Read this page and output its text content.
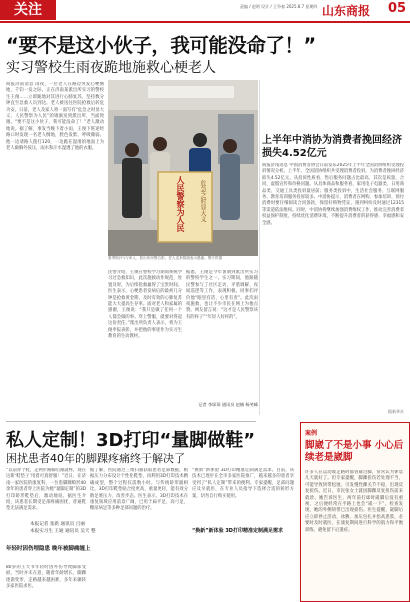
关注	责编 / 赵明 设计 / 王争春 2025.8.7 星期四 山东商报 05
“要不是这小伙子，我可能没命了！”
实习警校生雨夜跪地施救心梗老人
商报济南消息 雨夜，一位老人在路边突发心梗倒地，千钧一发之际，正在济南某派出所实习的警校生王俊……立即跪地对其进行心肺复苏，坚持数分钟直至急救人员到达。老人被送往医院抢救后转危为安。日前，老人及家人将一面写有“危急之时显大义，人民警察为人民”的锦旗送到派出所，当面致谢。“要不是这小伙子，我可能没命了！”老人激动地说。据了解，事发当晚下着小雨，王俊下班途经路口时发现一名老人倒地，脸色发紫、呼吸微弱。他一边请路人拨打120，一边跪在湿滑的地面上为老人做胸外按压，雨水和汗水湿透了他的衣服。
人民警察为人民	危急之时显大义
夏季锦(中)与家人、派出所民警合影，老人送来锦旗表示感谢。警方供图
民警介绍，王俊在警校学习期间系统学习过急救知识，此次施救动作规范、处置及时，为后续抢救赢得了宝贵时间。医生表示，心梗患者发病后的最初几分钟是抢救黄金期，及时有效的心肺复苏能大大提高生存率。面对老人和家属的感谢，王俊说：“我只是做了任何一个人都会做的事。穿上警服，就要对得起这份责任。”派出所负责人表示，将为王俊申报表彰，并把他的事迹作为实习生教育的生动教材。
据悉，王俊是今年暑期到派出所实习的警校学生之一。实习期间，他跟随民警参与了社区走访、矛盾调解、夜间巡逻等工作，表现积极。同事们评价他“眼里有活、心里有责”。此次雨夜施救，也让不少市民在网上为他点赞。网友留言说：“这才是人民警察该有的样子”“年轻人好样的”。
记者 李琛琛 通讯员 赵楠 杨笑峰
上半年中消协为消费者挽回经济损失4.52亿元
商报济南消息 中国消费者协会日前发布2025年上半年全国消协组织受理投诉情况分析。上半年，全国消协组织共受理消费者投诉，为消费者挽回经济损失4.52亿元。从投诉性质看，售后服务问题占比最高，其次是质量、合同、虚假宣传和价格问题。从具体商品和服务看，家用电子电器类、日用商品类、交通工具类投诉量居前；服务类投诉中，生活社会服务、互联网服务、教育培训服务投诉较多。中消协提示，消费者在网购、参加培训、预付消费时要仔细阅读合同条款，保留好购物凭证，遇到纠纷及时通过12315等渠道依法维权。同时，中消协将继续加强消费维权工作，推动完善消费者权益保护制度，持续优化消费环境，不断提升消费者的获得感、幸福感和安全感。
据新华社
私人定制！3D打印“量脚做鞋”
困扰患者40年的脚踝疼痛终于解决了
“以前穿个鞋，走两步路脚后跟就疼，现在这新‘鞋垫子’用着可真舒服！”近日，在济南一家医院的康复科，一位患脚踝畸形40余年的患者穿上医院为她“量脚定制”的3D打印矫形鞋垫后，激动地说。据医生介绍，该患者长期受足部疼痛困扰，普通鞋垫无法满足需求。
本报记者 张新 通讯员 吕丽
本报实习生 王通 通讯员 吴天 整
年轻时因伤埋隐患 晚年被脚痛缠上
80岁的王大爷年轻时因外伤导致脚部受损，当时并未在意，随着年龄增长，脚踝逐渐变形，走路越来越困难，多年来辗转多家医院求医。
据了解，医院通过三维扫描获取患者足部数据，根据压力分布设计个性化鞋垫，再利用3D打印技术精确成型，整个过程仅需数小时。与传统矫形器相比，3D打印鞋垫贴合度更高、重量更轻，能有效分散足底压力、改善步态。医生表示，3D打印技术在康复领域应用前景广阔，已用于扁平足、高弓足、糖尿病足等多种足部问题的治疗。
“换新”新体验 3D打印精准定制满足需求
“换新”新体验 3D打印精准定制满足需求。目前，该技术已逐步在全市多家医院推广，越来越多的患者享受到了“私人定制”带来的便利。专家提醒，足部问题应及早就医，在专业人员指导下选择合适的矫形方案，切勿自行购买使用。
案例
脚崴了不是小事 小心后续老是崴脚
许多人在运动或走路时都曾崴过脚，常常认为休息几天就好了。但专家提醒，脚踝扭伤若处理不当，可能导致韧带松弛，引发慢性踝关节不稳，出现反复扭伤。近日，市民张女士就因脚踝反复扭伤前来就诊。她告诉医生，两年前打球时崴脚后没有重视，之后便经常在平路上也会“崴一下”。检查发现，她的外侧韧带已出现损伤。医生提醒，崴脚后应立即停止活动，冰敷、加压包扎并抬高患肢，必要时及时就医，在康复期间进行科学的肌力和平衡训练，避免留下后遗症。
